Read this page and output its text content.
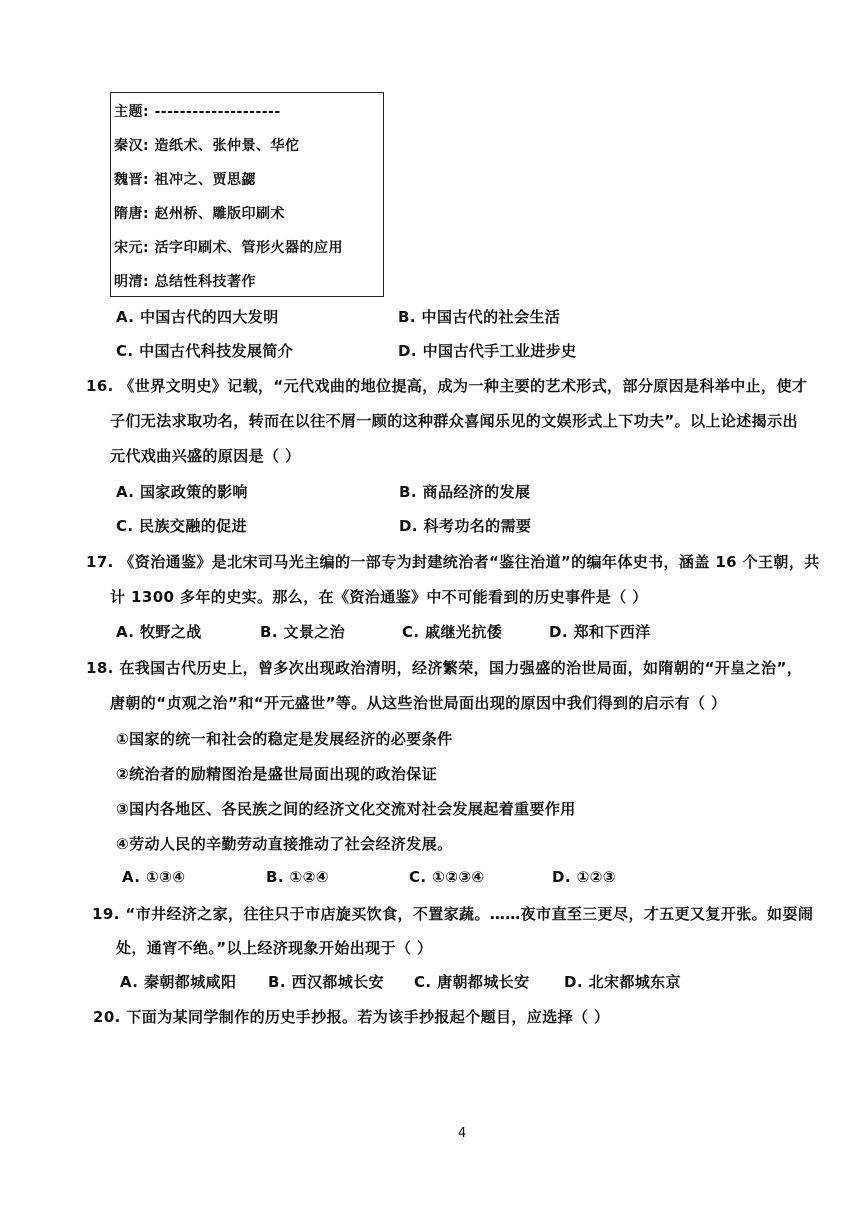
主题: --------------------
秦汉: 造纸术、张仲景、华佗
魏晋: 祖冲之、贾思勰
隋唐: 赵州桥、雕版印刷术
宋元: 活字印刷术、管形火器的应用
明清: 总结性科技著作
A. 中国古代的四大发明	B. 中国古代的社会生活
C. 中国古代科技发展简介	D. 中国古代手工业进步史
16. 《世界文明史》记载，“元代戏曲的地位提高，成为一种主要的艺术形式，部分原因是科举中止，使才
子们无法求取功名，转而在以往不屑一顾的这种群众喜闻乐见的文娱形式上下功夫”。以上论述揭示出
元代戏曲兴盛的原因是（ ）
A. 国家政策的影响	B. 商品经济的发展
C. 民族交融的促进	D. 科考功名的需要
17. 《资治通鉴》是北宋司马光主编的一部专为封建统治者“鉴往治道”的编年体史书，涵盖 16 个王朝，共
计 1300 多年的史实。那么，在《资治通鉴》中不可能看到的历史事件是（ ）
A. 牧野之战	B. 文景之治	C. 戚继光抗倭	D. 郑和下西洋
18. 在我国古代历史上，曾多次出现政治清明，经济繁荣，国力强盛的治世局面，如隋朝的“开皇之治”，
唐朝的“贞观之治”和“开元盛世”等。从这些治世局面出现的原因中我们得到的启示有（ ）
①国家的统一和社会的稳定是发展经济的必要条件
②统治者的励精图治是盛世局面出现的政治保证
③国内各地区、各民族之间的经济文化交流对社会发展起着重要作用
④劳动人民的辛勤劳动直接推动了社会经济发展。
A. ①③④	B. ①②④	C. ①②③④	D. ①②③
19. “市井经济之家，往往只于市店旋买饮食，不置家蔬。……夜市直至三更尽，才五更又复开张。如耍闹
处，通宵不绝。”以上经济现象开始出现于（ ）
A. 秦朝都城咸阳 B. 西汉都城长安 C. 唐朝都城长安 D. 北宋都城东京
20. 下面为某同学制作的历史手抄报。若为该手抄报起个题目，应选择（ ）
4
